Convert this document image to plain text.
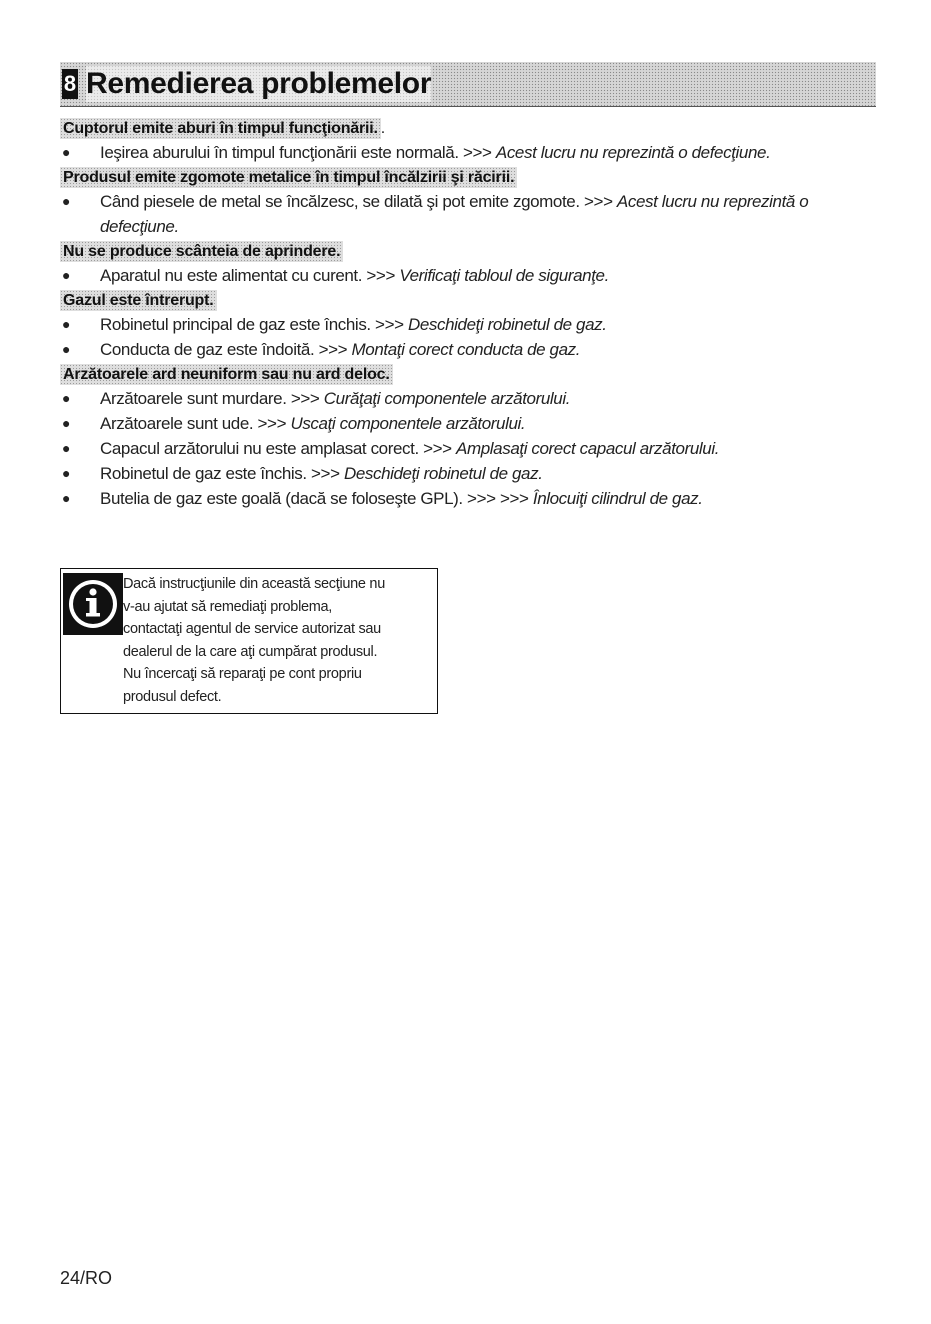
8 Remedierea problemelor
Cuptorul emite aburi în timpul funcţionării. .
● Ieşirea aburului în timpul funcţionării este normală. >>> Acest lucru nu reprezintă o defecţiune.
Produsul emite zgomote metalice în timpul încălzirii şi răcirii.
● Când piesele de metal se încălzesc, se dilată şi pot emite zgomote. >>> Acest lucru nu reprezintă o defecţiune.
Nu se produce scânteia de aprindere.
● Aparatul nu este alimentat cu curent. >>> Verificaţi tabloul de siguranţe.
Gazul este întrerupt.
● Robinetul principal de gaz este închis. >>> Deschideţi robinetul de gaz.
● Conducta de gaz este îndoită. >>> Montaţi corect conducta de gaz.
Arzătoarele ard neuniform sau nu ard deloc.
● Arzătoarele sunt murdare. >>> Curăţaţi componentele arzătorului.
● Arzătoarele sunt ude. >>> Uscaţi componentele arzătorului.
● Capacul arzătorului nu este amplasat corect. >>> Amplasaţi corect capacul arzătorului.
● Robinetul de gaz este închis. >>> Deschideţi robinetul de gaz.
● Butelia de gaz este goală (dacă se foloseşte GPL). >>> >>> Înlocuiţi cilindrul de gaz.
Dacă instrucţiunile din această secţiune nu
v-au ajutat să remediaţi problema,
contactaţi agentul de service autorizat sau
dealerul de la care aţi cumpărat produsul.
Nu încercaţi să reparaţi pe cont propriu
produsul defect.
24/RO
